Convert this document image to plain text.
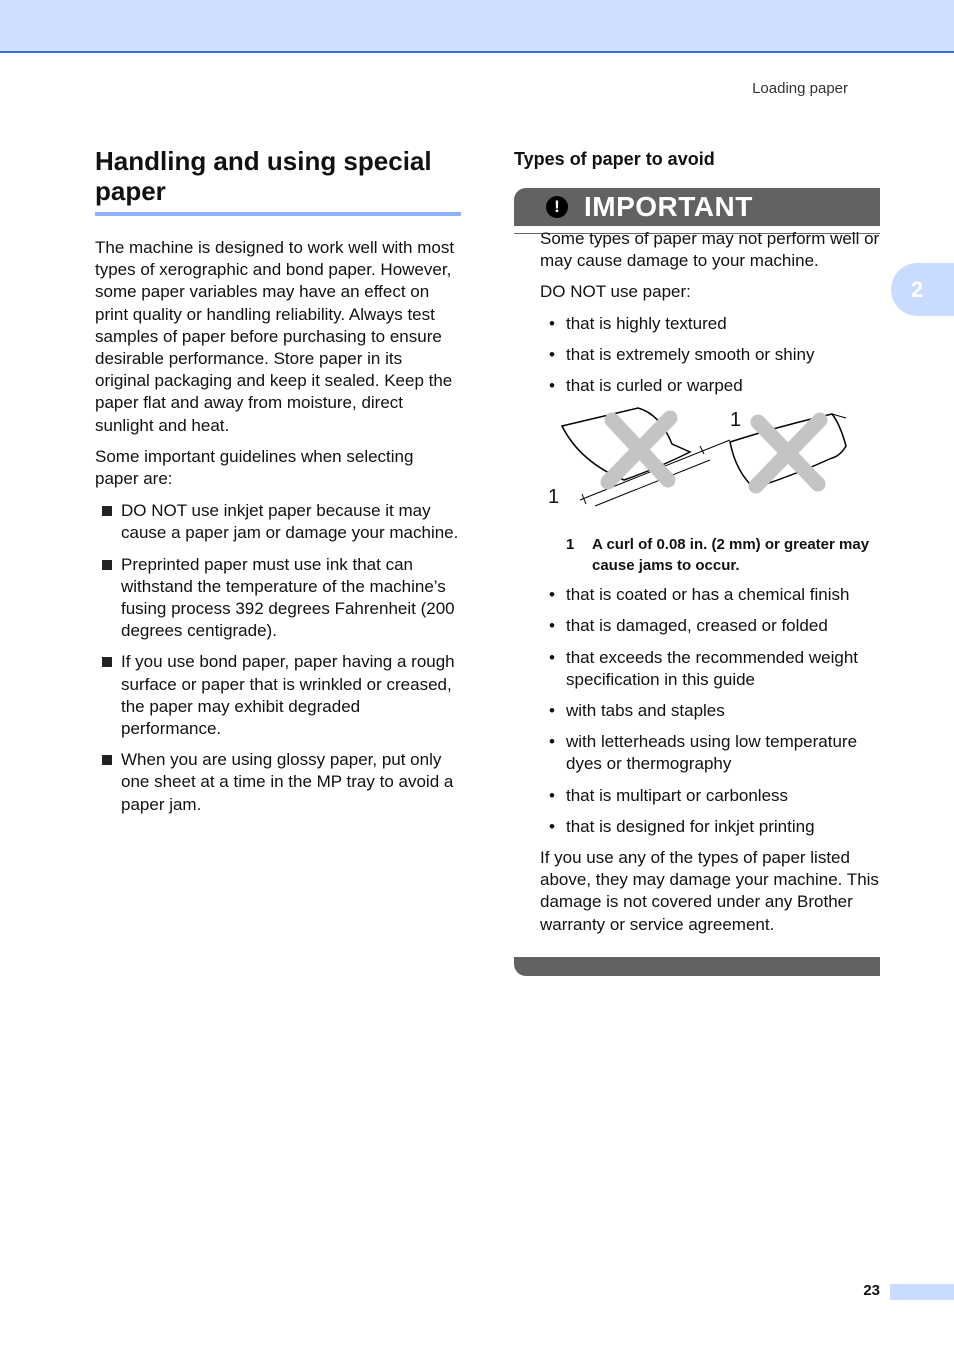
Loading paper
2
Handling and using special paper

The machine is designed to work well with most types of xerographic and bond paper. However, some paper variables may have an effect on print quality or handling reliability. Always test samples of paper before purchasing to ensure desirable performance. Store paper in its original packaging and keep it sealed. Keep the paper flat and away from moisture, direct sunlight and heat.

Some important guidelines when selecting paper are:

DO NOT use inkjet paper because it may cause a paper jam or damage your machine.
Preprinted paper must use ink that can withstand the temperature of the machine’s fusing process 392 degrees Fahrenheit (200 degrees centigrade).
If you use bond paper, paper having a rough surface or paper that is wrinkled or creased, the paper may exhibit degraded performance.
When you are using glossy paper, put only one sheet at a time in the MP tray to avoid a paper jam.
Types of paper to avoid
! IMPORTANT

Some types of paper may not perform well or may cause damage to your machine.

DO NOT use paper:

• that is highly textured
• that is extremely smooth or shiny
• that is curled or warped
1
1
1 A curl of 0.08 in. (2 mm) or greater may cause jams to occur.
• that is coated or has a chemical finish
• that is damaged, creased or folded
• that exceeds the recommended weight specification in this guide
• with tabs and staples
• with letterheads using low temperature dyes or thermography
• that is multipart or carbonless
• that is designed for inkjet printing

If you use any of the types of paper listed above, they may damage your machine. This damage is not covered under any Brother warranty or service agreement.

23
